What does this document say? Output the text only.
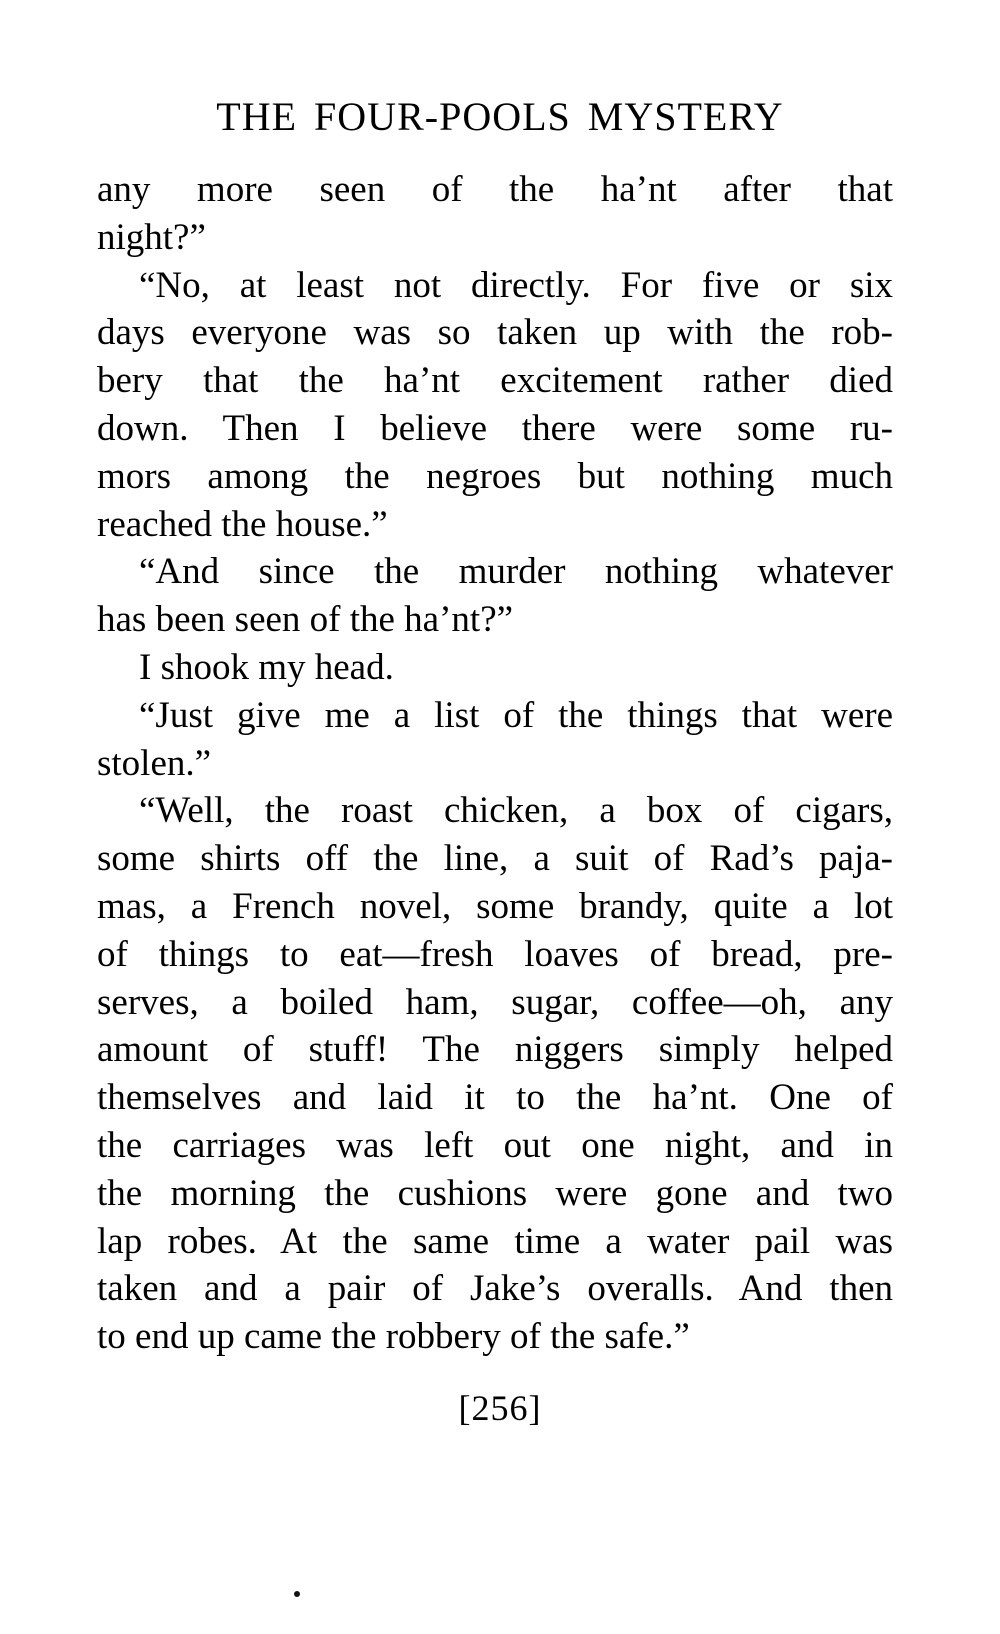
THE FOUR-POOLS MYSTERY
any more seen of the ha’nt after that
night?”
“No, at least not directly. For five or six
days everyone was so taken up with the rob-
bery that the ha’nt excitement rather died
down. Then I believe there were some ru-
mors among the negroes but nothing much
reached the house.”
“And since the murder nothing whatever
has been seen of the ha’nt?”
I shook my head.
“Just give me a list of the things that were
stolen.”
“Well, the roast chicken, a box of cigars,
some shirts off the line, a suit of Rad’s paja-
mas, a French novel, some brandy, quite a lot
of things to eat—fresh loaves of bread, pre-
serves, a boiled ham, sugar, coffee—oh, any
amount of stuff! The niggers simply helped
themselves and laid it to the ha’nt. One of
the carriages was left out one night, and in
the morning the cushions were gone and two
lap robes. At the same time a water pail was
taken and a pair of Jake’s overalls. And then
to end up came the robbery of the safe.”
[256]
